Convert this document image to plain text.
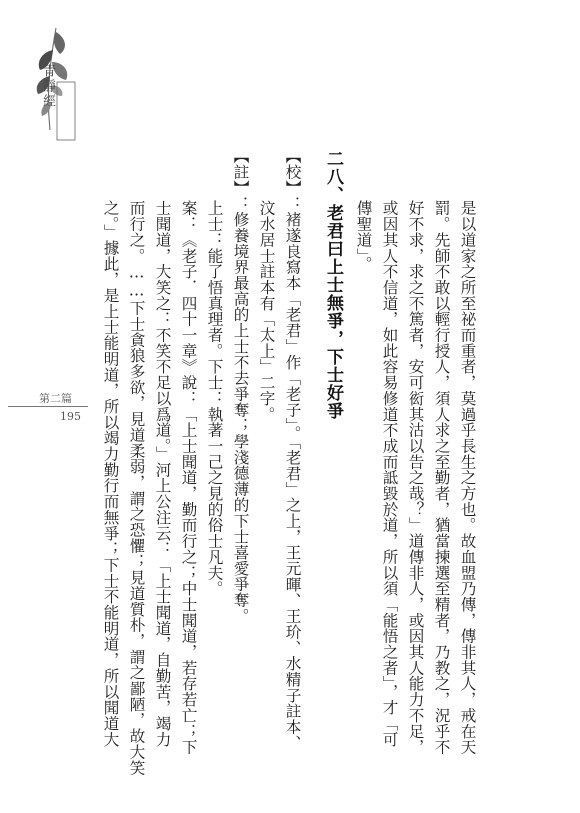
青靜經
第二篇
195	是以道家之所至祕而重者，莫過乎長生之方也。故血盟乃傳，傳非其人，戒在天
罰。先師不敢以輕行授人，須人求之至勤者，猶當揀選至精者，乃教之，況乎不
好不求，求之不篤者，安可衒其沽以告之哉？」道傳非人，或因其人能力不足，
或因其人不信道，如此容易修道不成而詆毀於道，所以須「能悟之者」，才「可
傳聖道」。
二八、老君曰上士無爭，下士好爭
【校】：褚遂良寫本「老君」作「老子」。「老君」之上，王元暉、王玠、水精子註本、
汶水居士註本有「太上」二字。
【註】：修養境界最高的上士不去爭奪；學淺德薄的下士喜愛爭奪。
上士：能了悟真理者。下士：執著一己之見的俗士凡夫。
案：《老子．四十一章》說：「上士聞道，勤而行之；中士聞道，若存若亡；下
士聞道，大笑之：不笑不足以爲道。」河上公注云：「上士聞道，自勤苦，竭力
而行之。……下士貪狼多欲，見道柔弱，謂之恐懼；見道質朴，謂之鄙陋，故大笑
之。」據此，是上士能明道，所以竭力勤行而無爭；下士不能明道，所以聞道大
